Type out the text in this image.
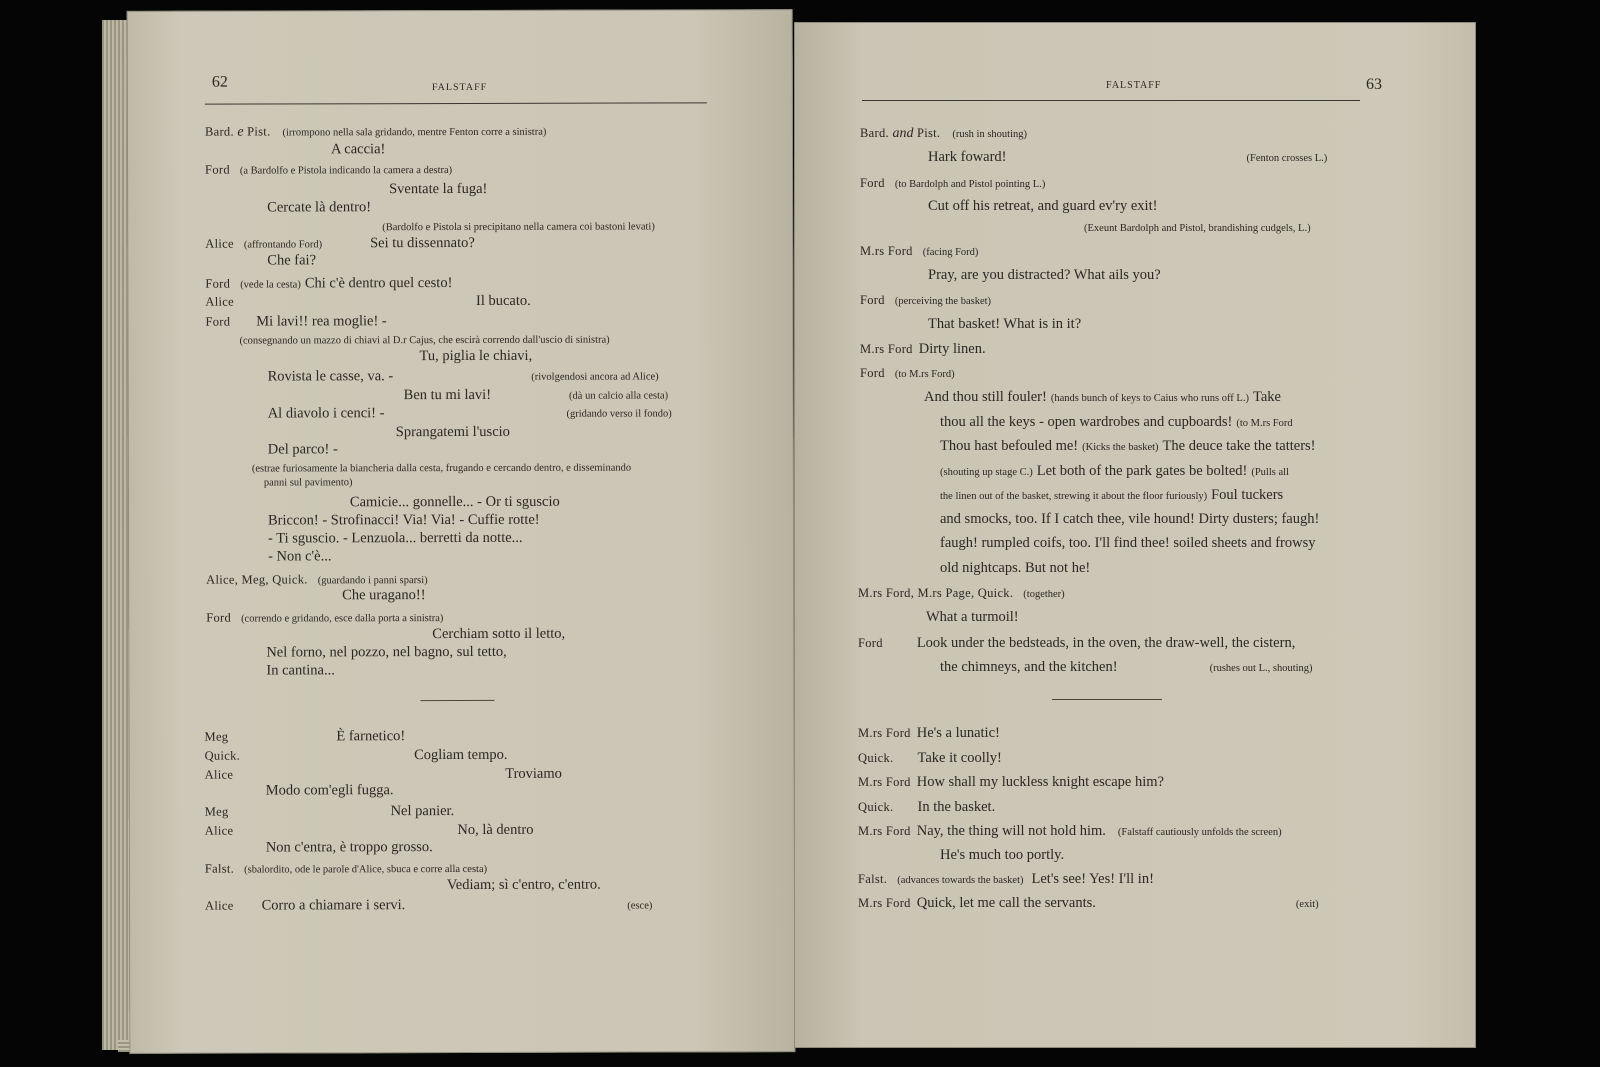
62	FALSTAFF
Bard. e Pist. (irrompono nella sala gridando, mentre Fenton corre a sinistra)
A caccia!
Ford (a Bardolfo e Pistola indicando la camera a destra)
Sventate la fuga!
Cercate là dentro!
(Bardolfo e Pistola si precipitano nella camera coi bastoni levati)
Alice (affrontando Ford)	Sei tu dissennato?
Che fai?
Ford (vede la cesta) Chi c'è dentro quel cesto!
Alice	Il bucato.
Ford Mi lavi!! rea moglie! -
(consegnando un mazzo di chiavi al D.r Cajus, che escirà correndo dall'uscio di sinistra)
Tu, piglia le chiavi,
Rovista le casse, va. -	(rivolgendosi ancora ad Alice)
Ben tu mi lavi!	(dà un calcio alla cesta)
Al diavolo i cenci! -	(gridando verso il fondo)
Sprangatemi l'uscio
Del parco! -
(estrae furiosamente la biancheria dalla cesta, frugando e cercando dentro, e disseminando
panni sul pavimento)
Camicie... gonnelle... - Or ti sguscio
Briccon! - Strofinacci! Via! Via! - Cuffie rotte!
- Ti sguscio. - Lenzuola... berretti da notte...
- Non c'è...
Alice, Meg, Quick. (guardando i panni sparsi)
Che uragano!!
Ford (correndo e gridando, esce dalla porta a sinistra)
Cerchiam sotto il letto,
Nel forno, nel pozzo, nel bagno, sul tetto,
In cantina...
Meg	È farnetico!
Quick.	Cogliam tempo.
Alice	Troviamo
Modo com'egli fugga.
Meg	Nel panier.
Alice	No, là dentro
Non c'entra, è troppo grosso.
Falst. (sbalordito, ode le parole d'Alice, sbuca e corre alla cesta)
Vediam; sì c'entro, c'entro.
Alice Corro a chiamare i servi.	(esce)
FALSTAFF	63
Bard. and Pist. (rush in shouting)
Hark foward!	(Fenton crosses L.)
Ford (to Bardolph and Pistol pointing L.)
Cut off his retreat, and guard ev'ry exit!
(Exeunt Bardolph and Pistol, brandishing cudgels, L.)
M.rs Ford (facing Ford)
Pray, are you distracted? What ails you?
Ford (perceiving the basket)
That basket! What is in it?
M.rs Ford Dirty linen.
Ford (to M.rs Ford)
And thou still fouler! (hands bunch of keys to Caius who runs off L.) Take
thou all the keys - open wardrobes and cupboards! (to M.rs Ford
Thou hast befouled me! (Kicks the basket) The deuce take the tatters!
(shouting up stage C.) Let both of the park gates be bolted! (Pulls all
the linen out of the basket, strewing it about the floor furiously) Foul tuckers
and smocks, too. If I catch thee, vile hound! Dirty dusters; faugh!
faugh! rumpled coifs, too. I'll find thee! soiled sheets and frowsy
old nightcaps. But not he!
M.rs Ford, M.rs Page, Quick. (together)
What a turmoil!
Ford Look under the bedsteads, in the oven, the draw-well, the cistern,
the chimneys, and the kitchen!	(rushes out L., shouting)
M.rs Ford He's a lunatic!
Quick. Take it coolly!
M.rs Ford How shall my luckless knight escape him?
Quick. In the basket.
M.rs Ford Nay, the thing will not hold him. (Falstaff cautiously unfolds the screen)
He's much too portly.
Falst. (advances towards the basket) Let's see! Yes! I'll in!
M.rs Ford Quick, let me call the servants.	(exit)
